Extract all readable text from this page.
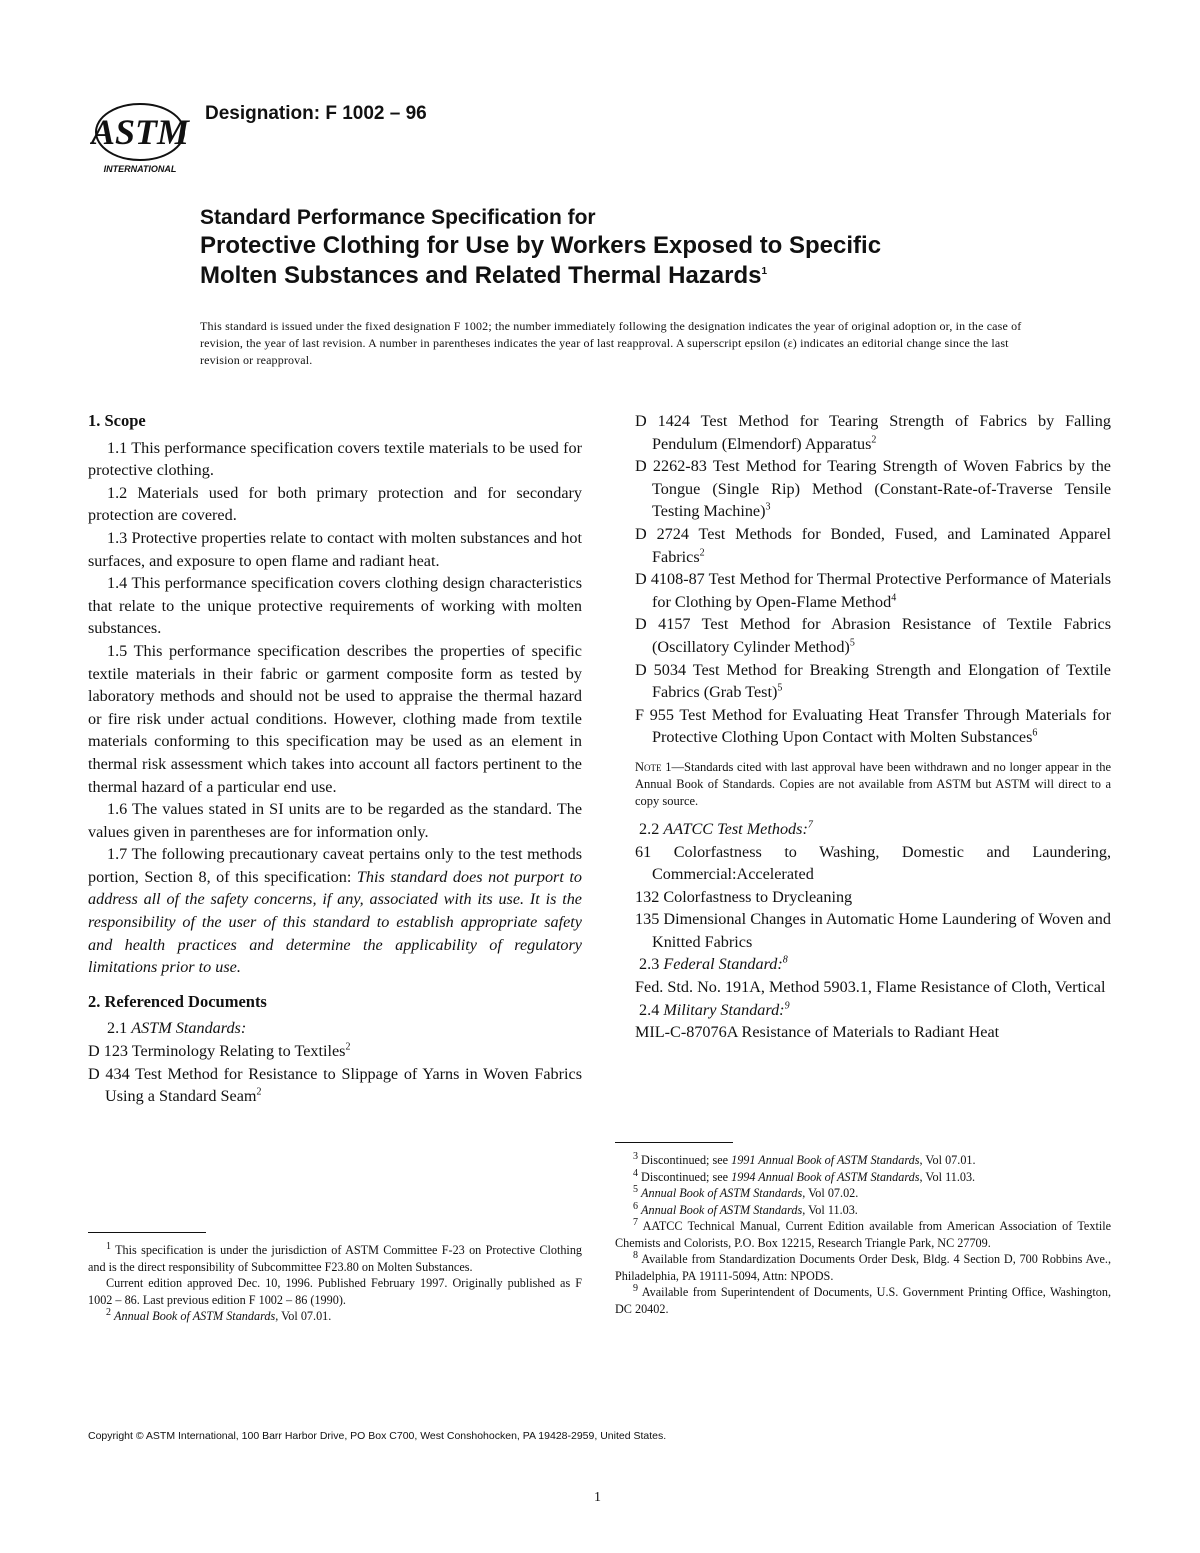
ASTM
INTERNATIONAL
Designation: F 1002 – 96
Standard Performance Specification for
Protective Clothing for Use by Workers Exposed to Specific
Molten Substances and Related Thermal Hazards$^1$
This standard is issued under the fixed designation F 1002; the number immediately following the designation indicates the year of original adoption or, in the case of revision, the year of last revision. A number in parentheses indicates the year of last reapproval. A superscript epsilon (ε) indicates an editorial change since the last revision or reapproval.
1. Scope

1.1 This performance specification covers textile materials to be used for protective clothing.

1.2 Materials used for both primary protection and for secondary protection are covered.

1.3 Protective properties relate to contact with molten substances and hot surfaces, and exposure to open flame and radiant heat.

1.4 This performance specification covers clothing design characteristics that relate to the unique protective requirements of working with molten substances.

1.5 This performance specification describes the properties of specific textile materials in their fabric or garment composite form as tested by laboratory methods and should not be used to appraise the thermal hazard or fire risk under actual conditions. However, clothing made from textile materials conforming to this specification may be used as an element in thermal risk assessment which takes into account all factors pertinent to the thermal hazard of a particular end use.

1.6 The values stated in SI units are to be regarded as the standard. The values given in parentheses are for information only.

1.7 The following precautionary caveat pertains only to the test methods portion, Section 8, of this specification: This standard does not purport to address all of the safety concerns, if any, associated with its use. It is the responsibility of the user of this standard to establish appropriate safety and health practices and determine the applicability of regulatory limitations prior to use.

2. Referenced Documents

2.1 ASTM Standards:

D 123 Terminology Relating to Textiles$^2$

D 434 Test Method for Resistance to Slippage of Yarns in Woven Fabrics Using a Standard Seam$^2$

$^1$ This specification is under the jurisdiction of ASTM Committee F-23 on Protective Clothing and is the direct responsibility of Subcommittee F23.80 on Molten Substances.

Current edition approved Dec. 10, 1996. Published February 1997. Originally published as F 1002 – 86. Last previous edition F 1002 – 86 (1990).

$^2$ Annual Book of ASTM Standards, Vol 07.01.

D 1424 Test Method for Tearing Strength of Fabrics by Falling Pendulum (Elmendorf) Apparatus$^2$

D 2262-83 Test Method for Tearing Strength of Woven Fabrics by the Tongue (Single Rip) Method (Constant-Rate-of-Traverse Tensile Testing Machine)$^3$

D 2724 Test Methods for Bonded, Fused, and Laminated Apparel Fabrics$^2$

D 4108-87 Test Method for Thermal Protective Performance of Materials for Clothing by Open-Flame Method$^4$

D 4157 Test Method for Abrasion Resistance of Textile Fabrics (Oscillatory Cylinder Method)$^5$

D 5034 Test Method for Breaking Strength and Elongation of Textile Fabrics (Grab Test)$^5$

F 955 Test Method for Evaluating Heat Transfer Through Materials for Protective Clothing Upon Contact with Molten Substances$^6$

Note 1—Standards cited with last approval have been withdrawn and no longer appear in the Annual Book of Standards. Copies are not available from ASTM but ASTM will direct to a copy source.

2.2 AATCC Test Methods:$^7$

61 Colorfastness to Washing, Domestic and Laundering, Commercial:Accelerated

132 Colorfastness to Drycleaning

135 Dimensional Changes in Automatic Home Laundering of Woven and Knitted Fabrics

2.3 Federal Standard:$^8$

Fed. Std. No. 191A, Method 5903.1, Flame Resistance of Cloth, Vertical

2.4 Military Standard:$^9$

MIL-C-87076A Resistance of Materials to Radiant Heat

$^3$ Discontinued; see 1991 Annual Book of ASTM Standards, Vol 07.01.

$^4$ Discontinued; see 1994 Annual Book of ASTM Standards, Vol 11.03.

$^5$ Annual Book of ASTM Standards, Vol 07.02.

$^6$ Annual Book of ASTM Standards, Vol 11.03.

$^7$ AATCC Technical Manual, Current Edition available from American Association of Textile Chemists and Colorists, P.O. Box 12215, Research Triangle Park, NC 27709.

$^8$ Available from Standardization Documents Order Desk, Bldg. 4 Section D, 700 Robbins Ave., Philadelphia, PA 19111-5094, Attn: NPODS.

$^9$ Available from Superintendent of Documents, U.S. Government Printing Office, Washington, DC 20402.

Copyright © ASTM International, 100 Barr Harbor Drive, PO Box C700, West Conshohocken, PA 19428-2959, United States.
1
